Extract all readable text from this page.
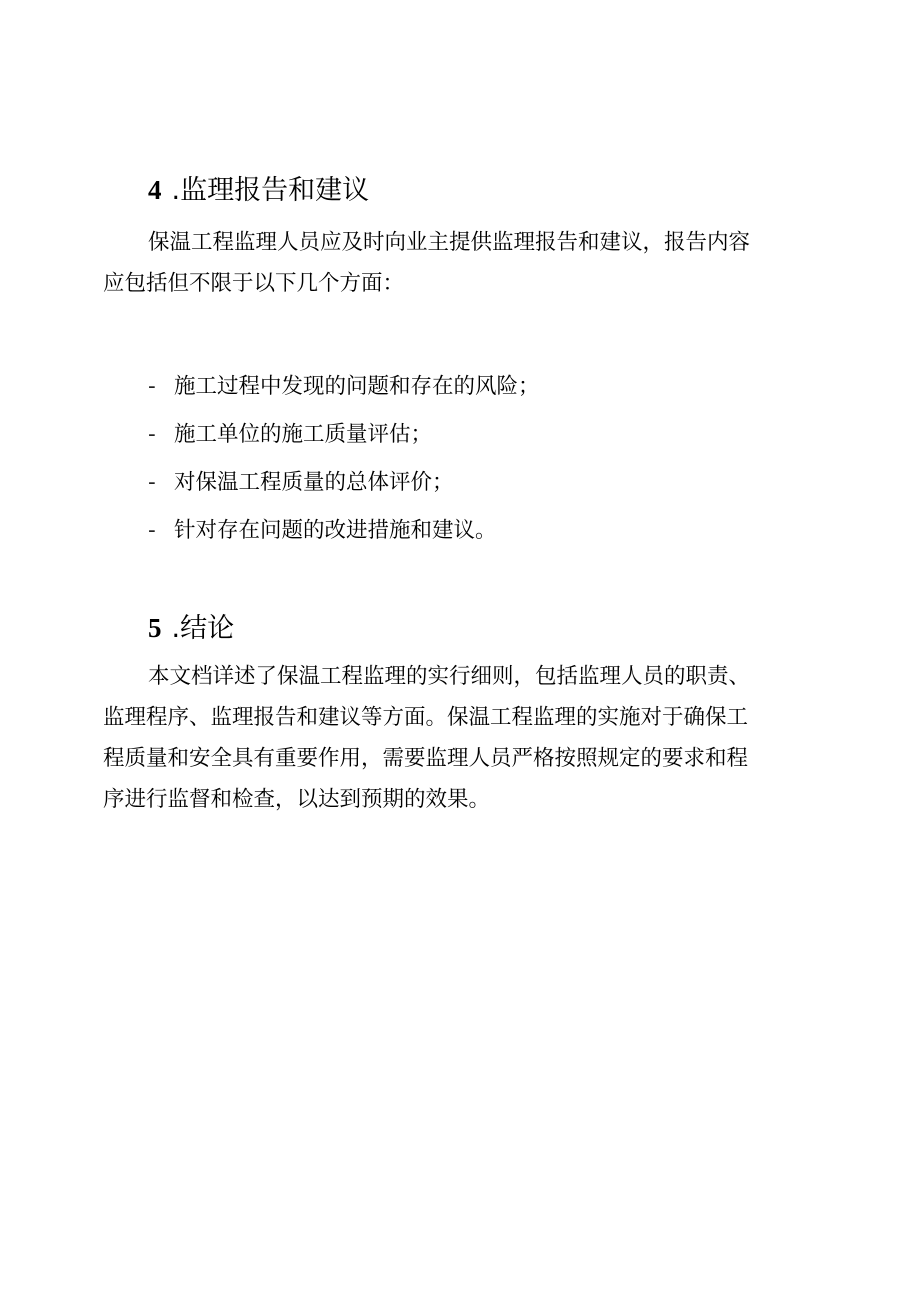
4 .监理报告和建议

保温工程监理人员应及时向业主提供监理报告和建议，报告内容
应包括但不限于以下几个方面：

- 施工过程中发现的问题和存在的风险；
- 施工单位的施工质量评估；
- 对保温工程质量的总体评价；
- 针对存在问题的改进措施和建议。
5 .结论

本文档详述了保温工程监理的实行细则，包括监理人员的职责、
监理程序、监理报告和建议等方面。保温工程监理的实施对于确保工
程质量和安全具有重要作用，需要监理人员严格按照规定的要求和程
序进行监督和检查，以达到预期的效果。
